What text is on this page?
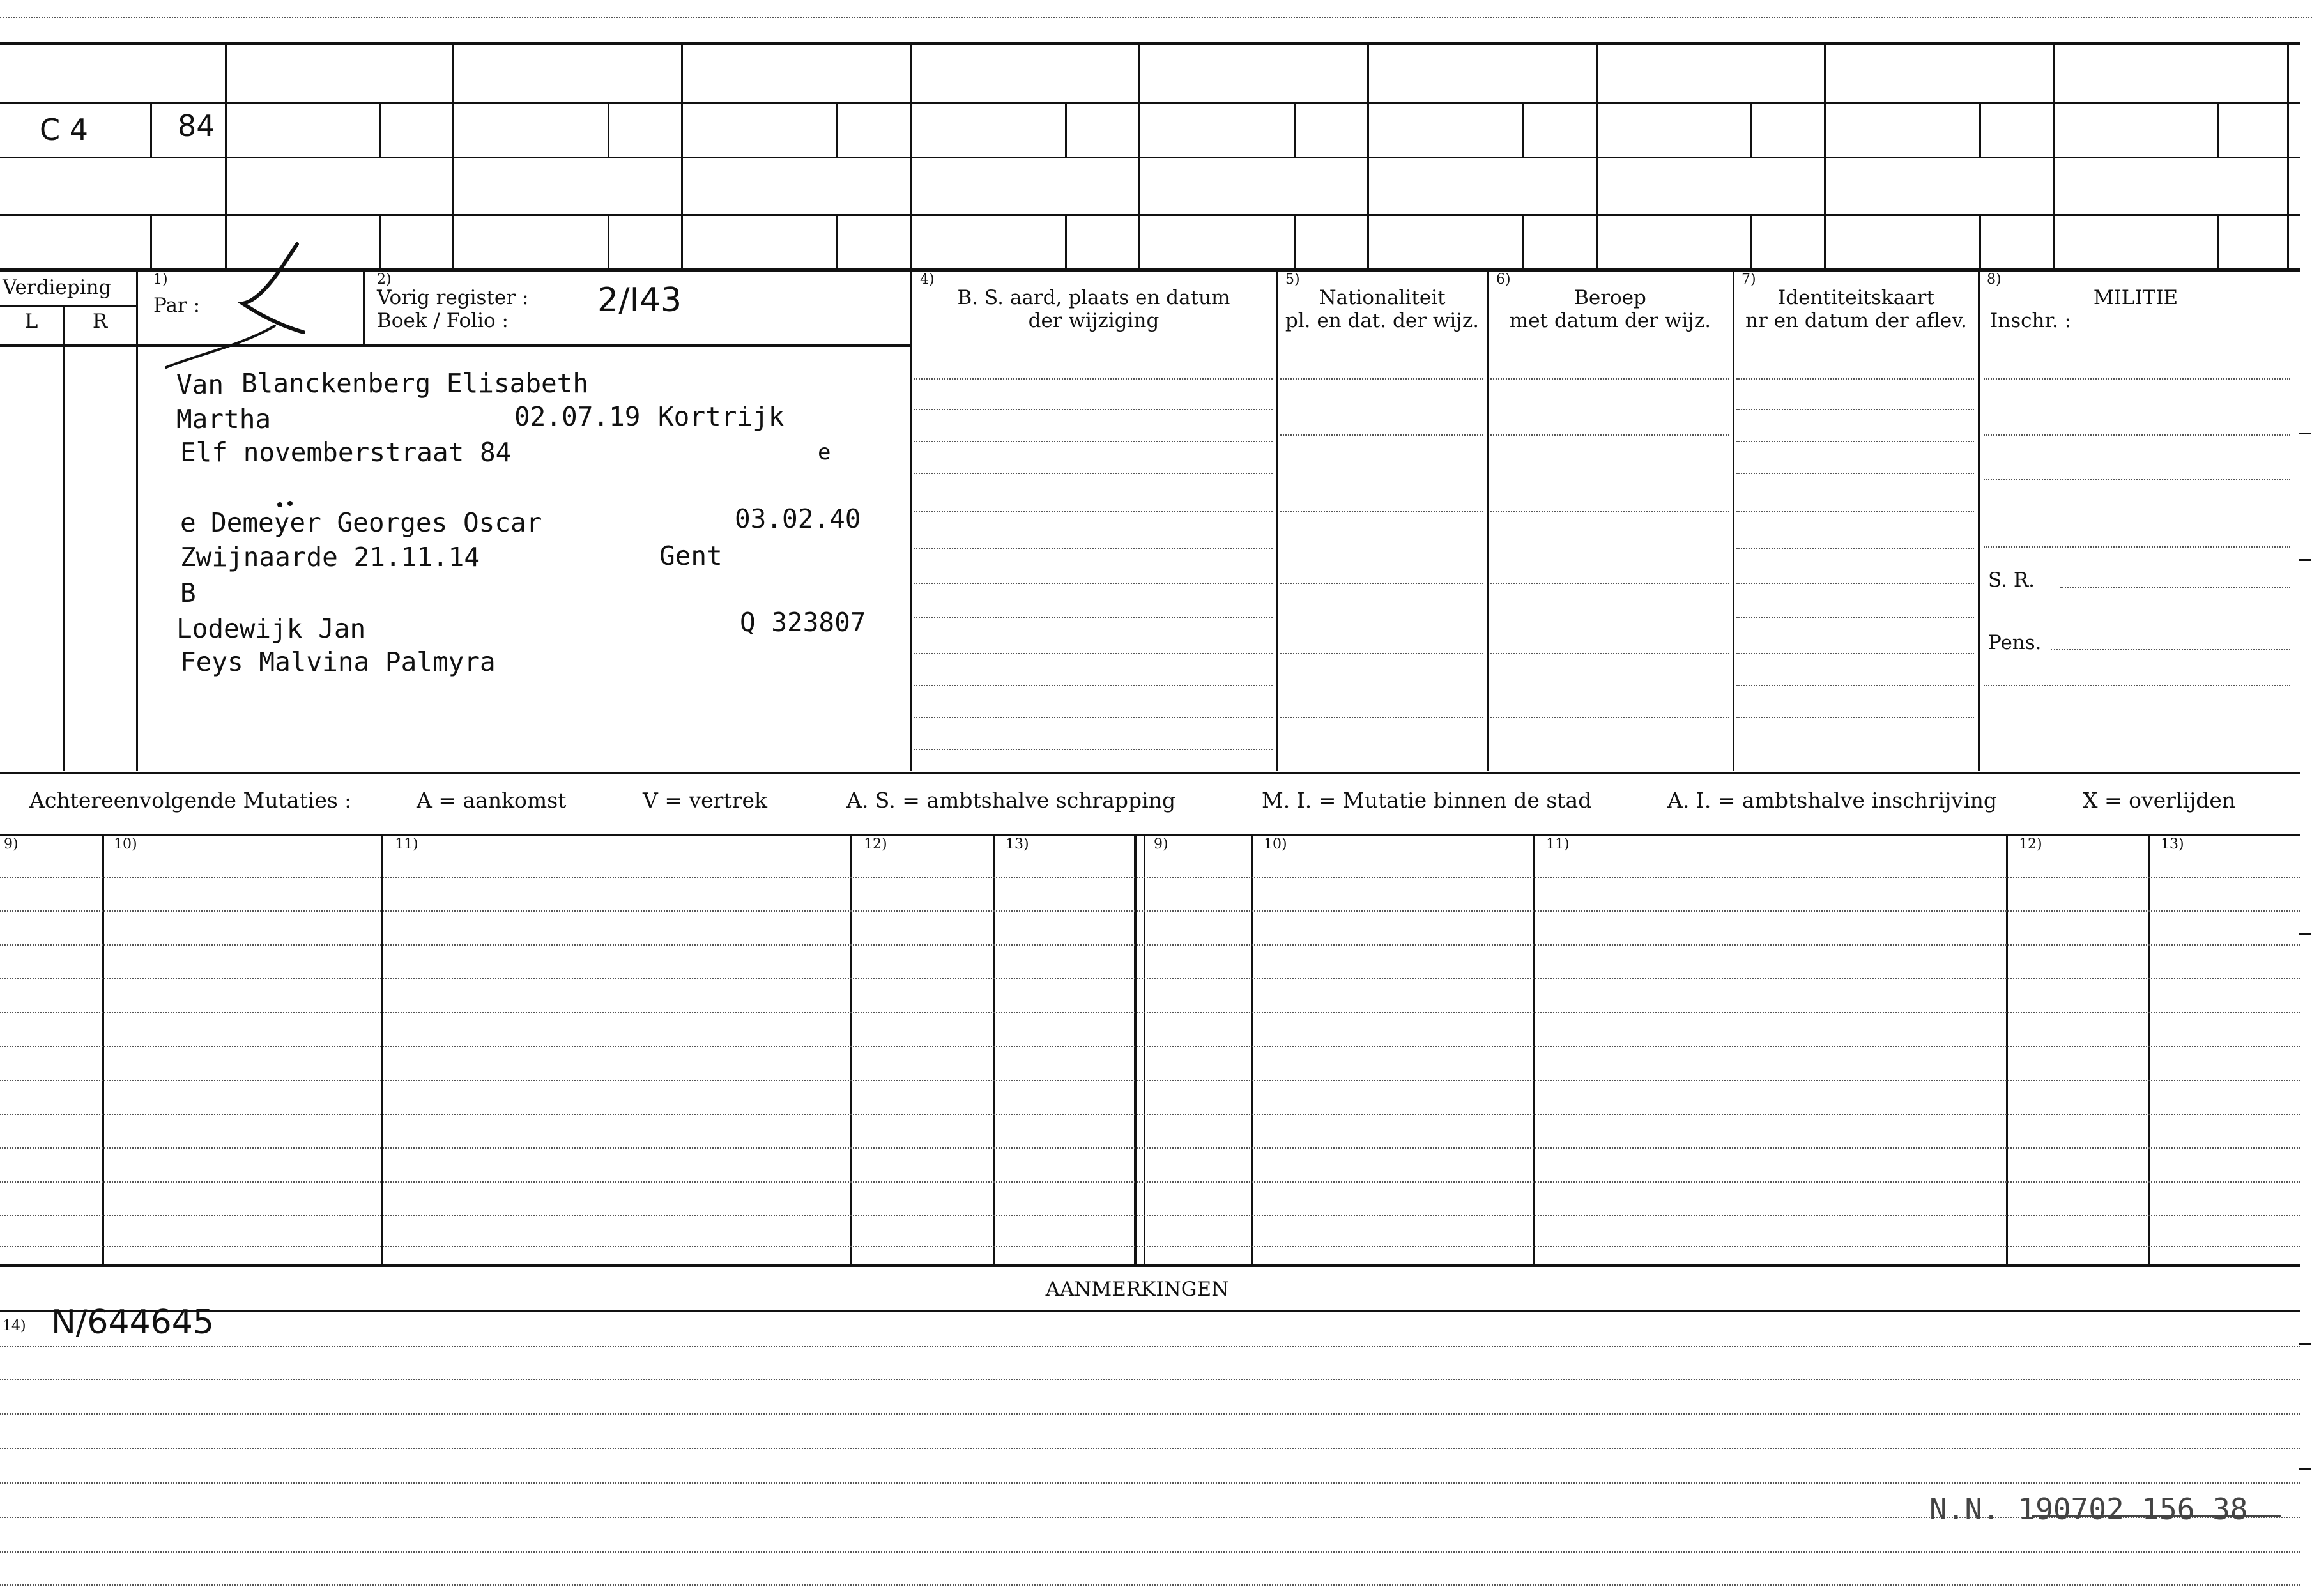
C 4	84
Verdieping
L	R
1)
Par :
2)
Vorig register :
Boek / Folio :
2/I43
4)
B. S. aard, plaats en datum
der wijziging
5)
Nationaliteit
pl. en dat. der wijz.
6)
Beroep
met datum der wijz.
7)
Identiteitskaart
nr en datum der aflev.
8)
MILITIE
Inschr. :
S. R.
Pens.
Van Blanckenberg Elisabeth
Martha	02.07.19 Kortrijk
Elf novemberstraat 84	e
e Demeyer Georges Oscar	03.02.40
Zwijnaarde 21.11.14	Gent
B
Lodewijk Jan	Q 323807
Feys Malvina Palmyra
Achtereenvolgende Mutaties :	A = aankomst	V = vertrek	A. S. = ambtshalve schrapping	M. I. = Mutatie binnen de stad	A. I. = ambtshalve inschrijving	X = overlijden
9)	10)	11)	12)	13)	9)	10)	11)	12)	13)
AANMERKINGEN
14) N/644645
N.N. 190702 156 38
